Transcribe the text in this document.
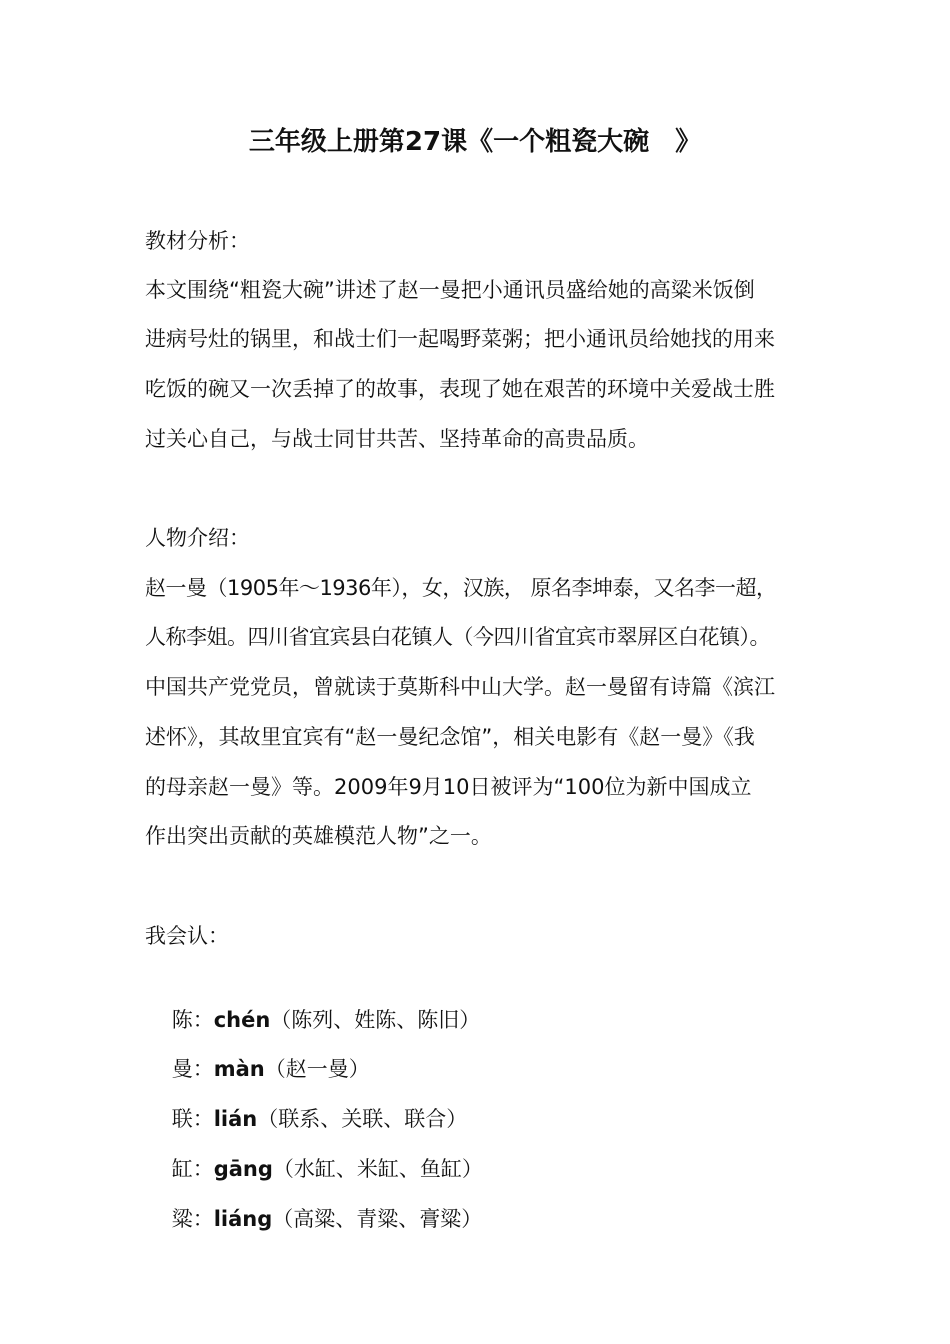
三年级上册第27课《一个粗瓷大碗　》
教材分析：
本文围绕“粗瓷大碗”讲述了赵一曼把小通讯员盛给她的高粱米饭倒
进病号灶的锅里，和战士们一起喝野菜粥；把小通讯员给她找的用来
吃饭的碗又一次丢掉了的故事，表现了她在艰苦的环境中关爱战士胜
过关心自己，与战士同甘共苦、坚持革命的高贵品质。
人物介绍：
赵一曼（1905年～1936年），女，汉族， 原名李坤泰，又名李一超，
人称李姐。四川省宜宾县白花镇人（今四川省宜宾市翠屏区白花镇）。
中国共产党党员，曾就读于莫斯科中山大学。赵一曼留有诗篇《滨江
述怀》，其故里宜宾有“赵一曼纪念馆”，相关电影有《赵一曼》《我
的母亲赵一曼》等。2009年9月10日被评为“100位为新中国成立
作出突出贡献的英雄模范人物”之一。
我会认：

陈：chén（陈列、姓陈、陈旧）

曼：màn（赵一曼）

联：lián（联系、关联、联合）

缸：gāng（水缸、米缸、鱼缸）

粱：liáng（高粱、青粱、膏粱）
